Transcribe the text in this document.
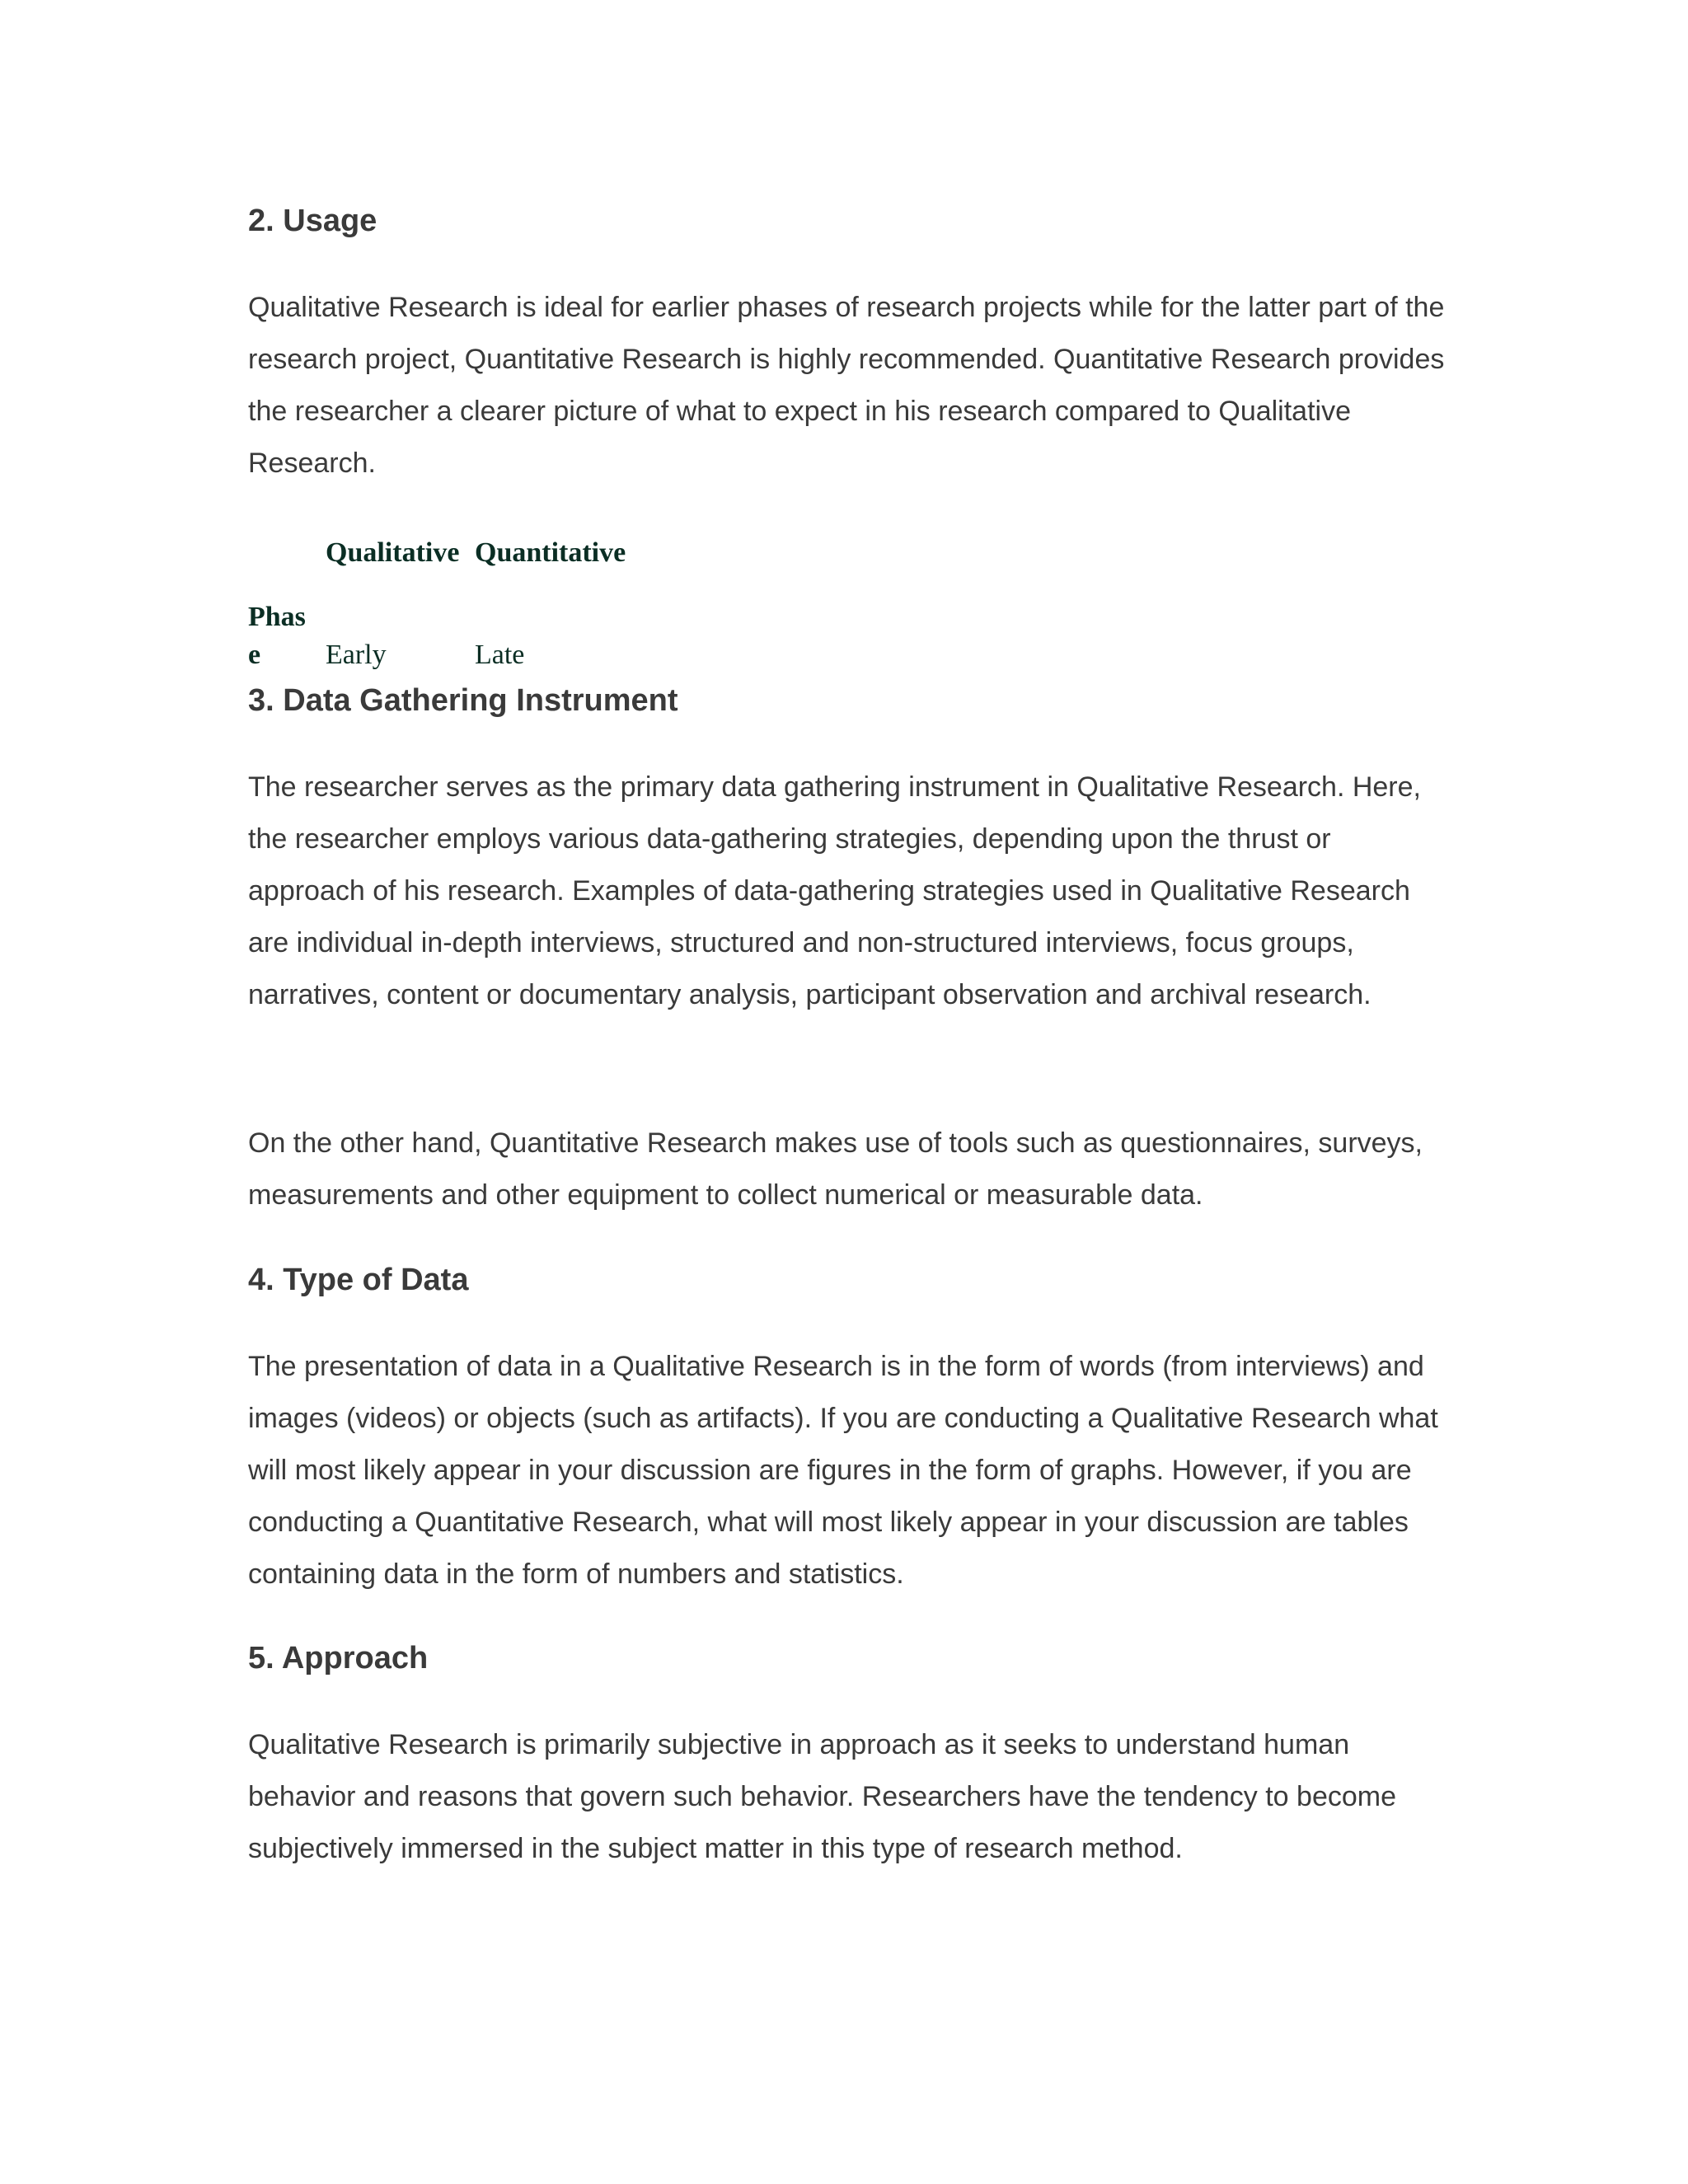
2. Usage

Qualitative Research is ideal for earlier phases of research projects while for the latter part of the research project, Quantitative Research is highly recommended. Quantitative Research provides the researcher a clearer picture of what to expect in his research compared to Qualitative Research.

Qualitative Quantitative
Phas
e Early	Late
3. Data Gathering Instrument

The researcher serves as the primary data gathering instrument in Qualitative Research. Here, the researcher employs various data-gathering strategies, depending upon the thrust or approach of his research. Examples of data-gathering strategies used in Qualitative Research are individual in-depth interviews, structured and non-structured interviews, focus groups, narratives, content or documentary analysis, participant observation and archival research.

On the other hand, Quantitative Research makes use of tools such as questionnaires, surveys, measurements and other equipment to collect numerical or measurable data.

4. Type of Data

The presentation of data in a Qualitative Research is in the form of words (from interviews) and images (videos) or objects (such as artifacts). If you are conducting a Qualitative Research what will most likely appear in your discussion are figures in the form of graphs. However, if you are conducting a Quantitative Research, what will most likely appear in your discussion are tables containing data in the form of numbers and statistics.

5. Approach

Qualitative Research is primarily subjective in approach as it seeks to understand human behavior and reasons that govern such behavior. Researchers have the tendency to become subjectively immersed in the subject matter in this type of research method.
